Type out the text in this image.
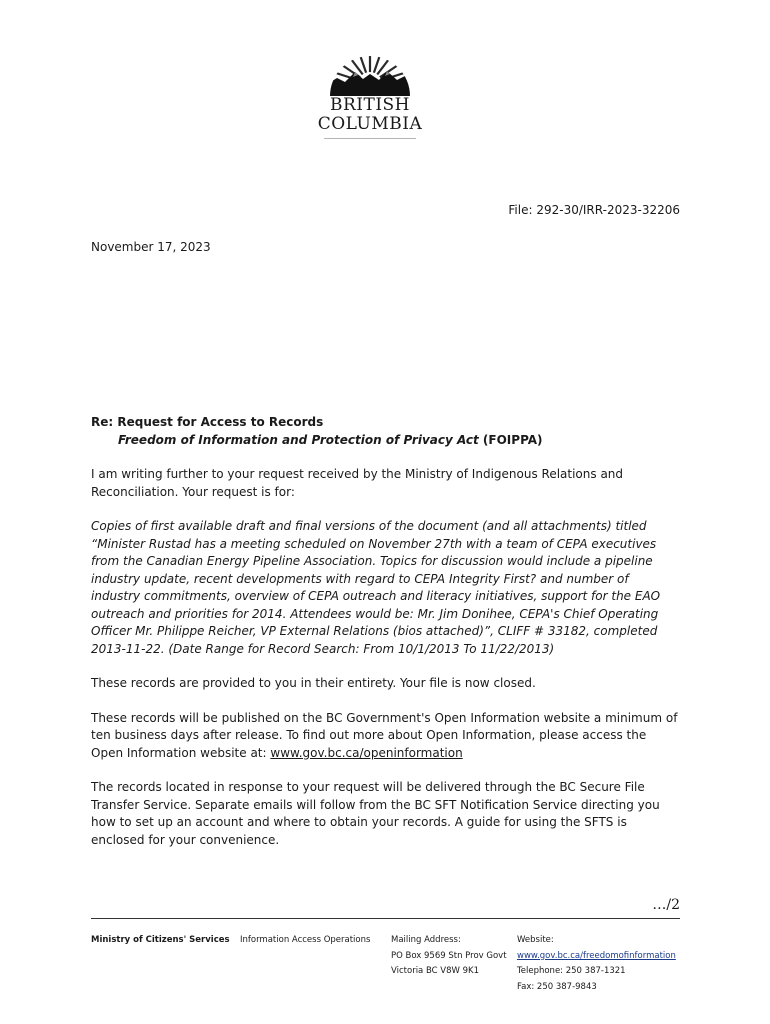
BRITISH
COLUMBIA
File: 292-30/IRR-2023-32206
November 17, 2023
Re: Request for Access to Records
Freedom of Information and Protection of Privacy Act (FOIPPA)

I am writing further to your request received by the Ministry of Indigenous Relations and Reconciliation. Your request is for:

Copies of first available draft and final versions of the document (and all attachments) titled “Minister Rustad has a meeting scheduled on November 27th with a team of CEPA executives from the Canadian Energy Pipeline Association. Topics for discussion would include a pipeline industry update, recent developments with regard to CEPA Integrity First? and number of industry commitments, overview of CEPA outreach and literacy initiatives, support for the EAO outreach and priorities for 2014. Attendees would be: Mr. Jim Donihee, CEPA's Chief Operating Officer Mr. Philippe Reicher, VP External Relations (bios attached)”, CLIFF # 33182, completed 2013-11-22. (Date Range for Record Search: From 10/1/2013 To 11/22/2013)

These records are provided to you in their entirety. Your file is now closed.

These records will be published on the BC Government's Open Information website a minimum of ten business days after release. To find out more about Open Information, please access the Open Information website at: www.gov.bc.ca/openinformation

The records located in response to your request will be delivered through the BC Secure File Transfer Service. Separate emails will follow from the BC SFT Notification Service directing you how to set up an account and where to obtain your records. A guide for using the SFTS is enclosed for your convenience.

…/2
Ministry of Citizens' Services Information Access Operations Mailing Address:
PO Box 9569 Stn Prov Govt
Victoria BC V8W 9K1
Website:
www.gov.bc.ca/freedomofinformation
Telephone: 250 387-1321
Fax: 250 387-9843
